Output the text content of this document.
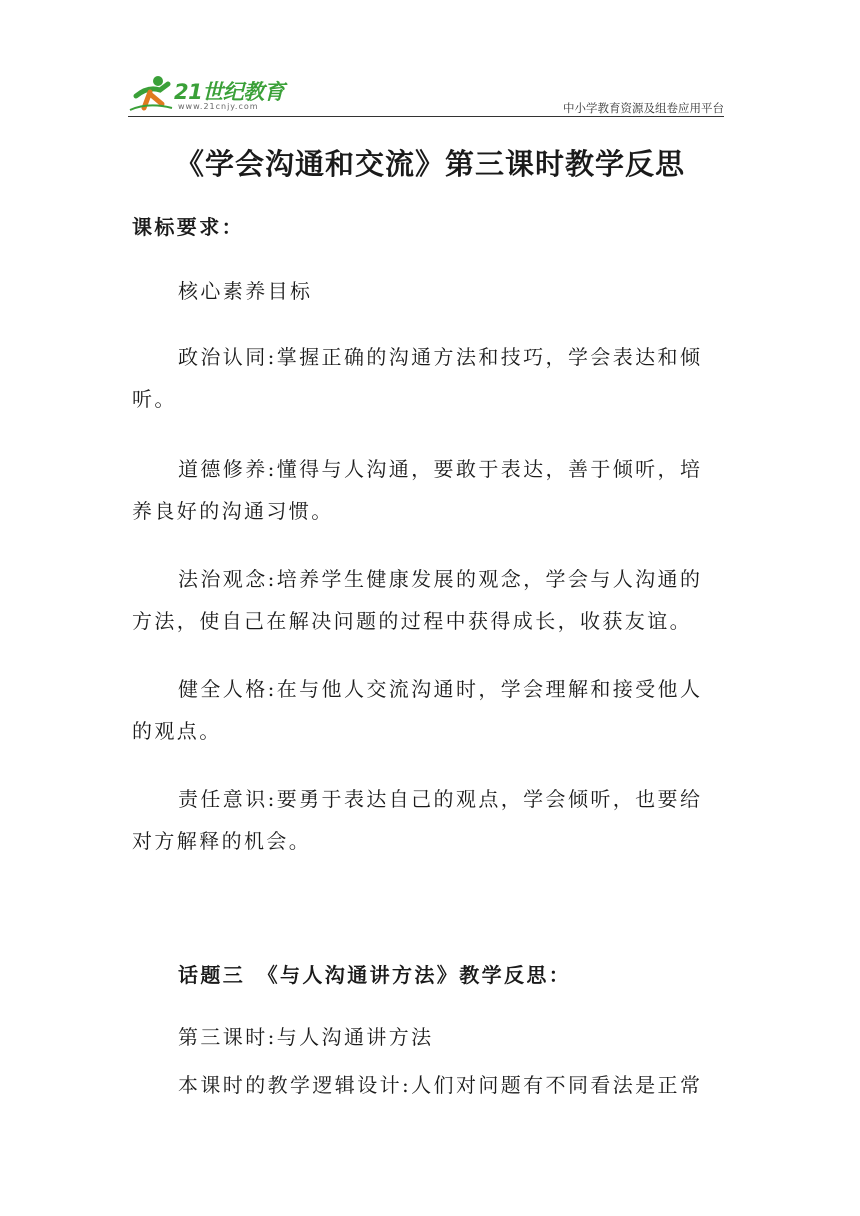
21世纪教育
www.21cnjy.com	中小学教育资源及组卷应用平台
《学会沟通和交流》第三课时教学反思

课标要求：

核心素养目标

政治认同:掌握正确的沟通方法和技巧，学会表达和倾听。

道德修养:懂得与人沟通，要敢于表达，善于倾听，培养良好的沟通习惯。

法治观念:培养学生健康发展的观念，学会与人沟通的方法，使自己在解决问题的过程中获得成长，收获友谊。

健全人格:在与他人交流沟通时，学会理解和接受他人的观点。

责任意识:要勇于表达自己的观点，学会倾听，也要给对方解释的机会。

话题三　《与人沟通讲方法》教学反思：

第三课时:与人沟通讲方法

本课时的教学逻辑设计:人们对问题有不同看法是正常
